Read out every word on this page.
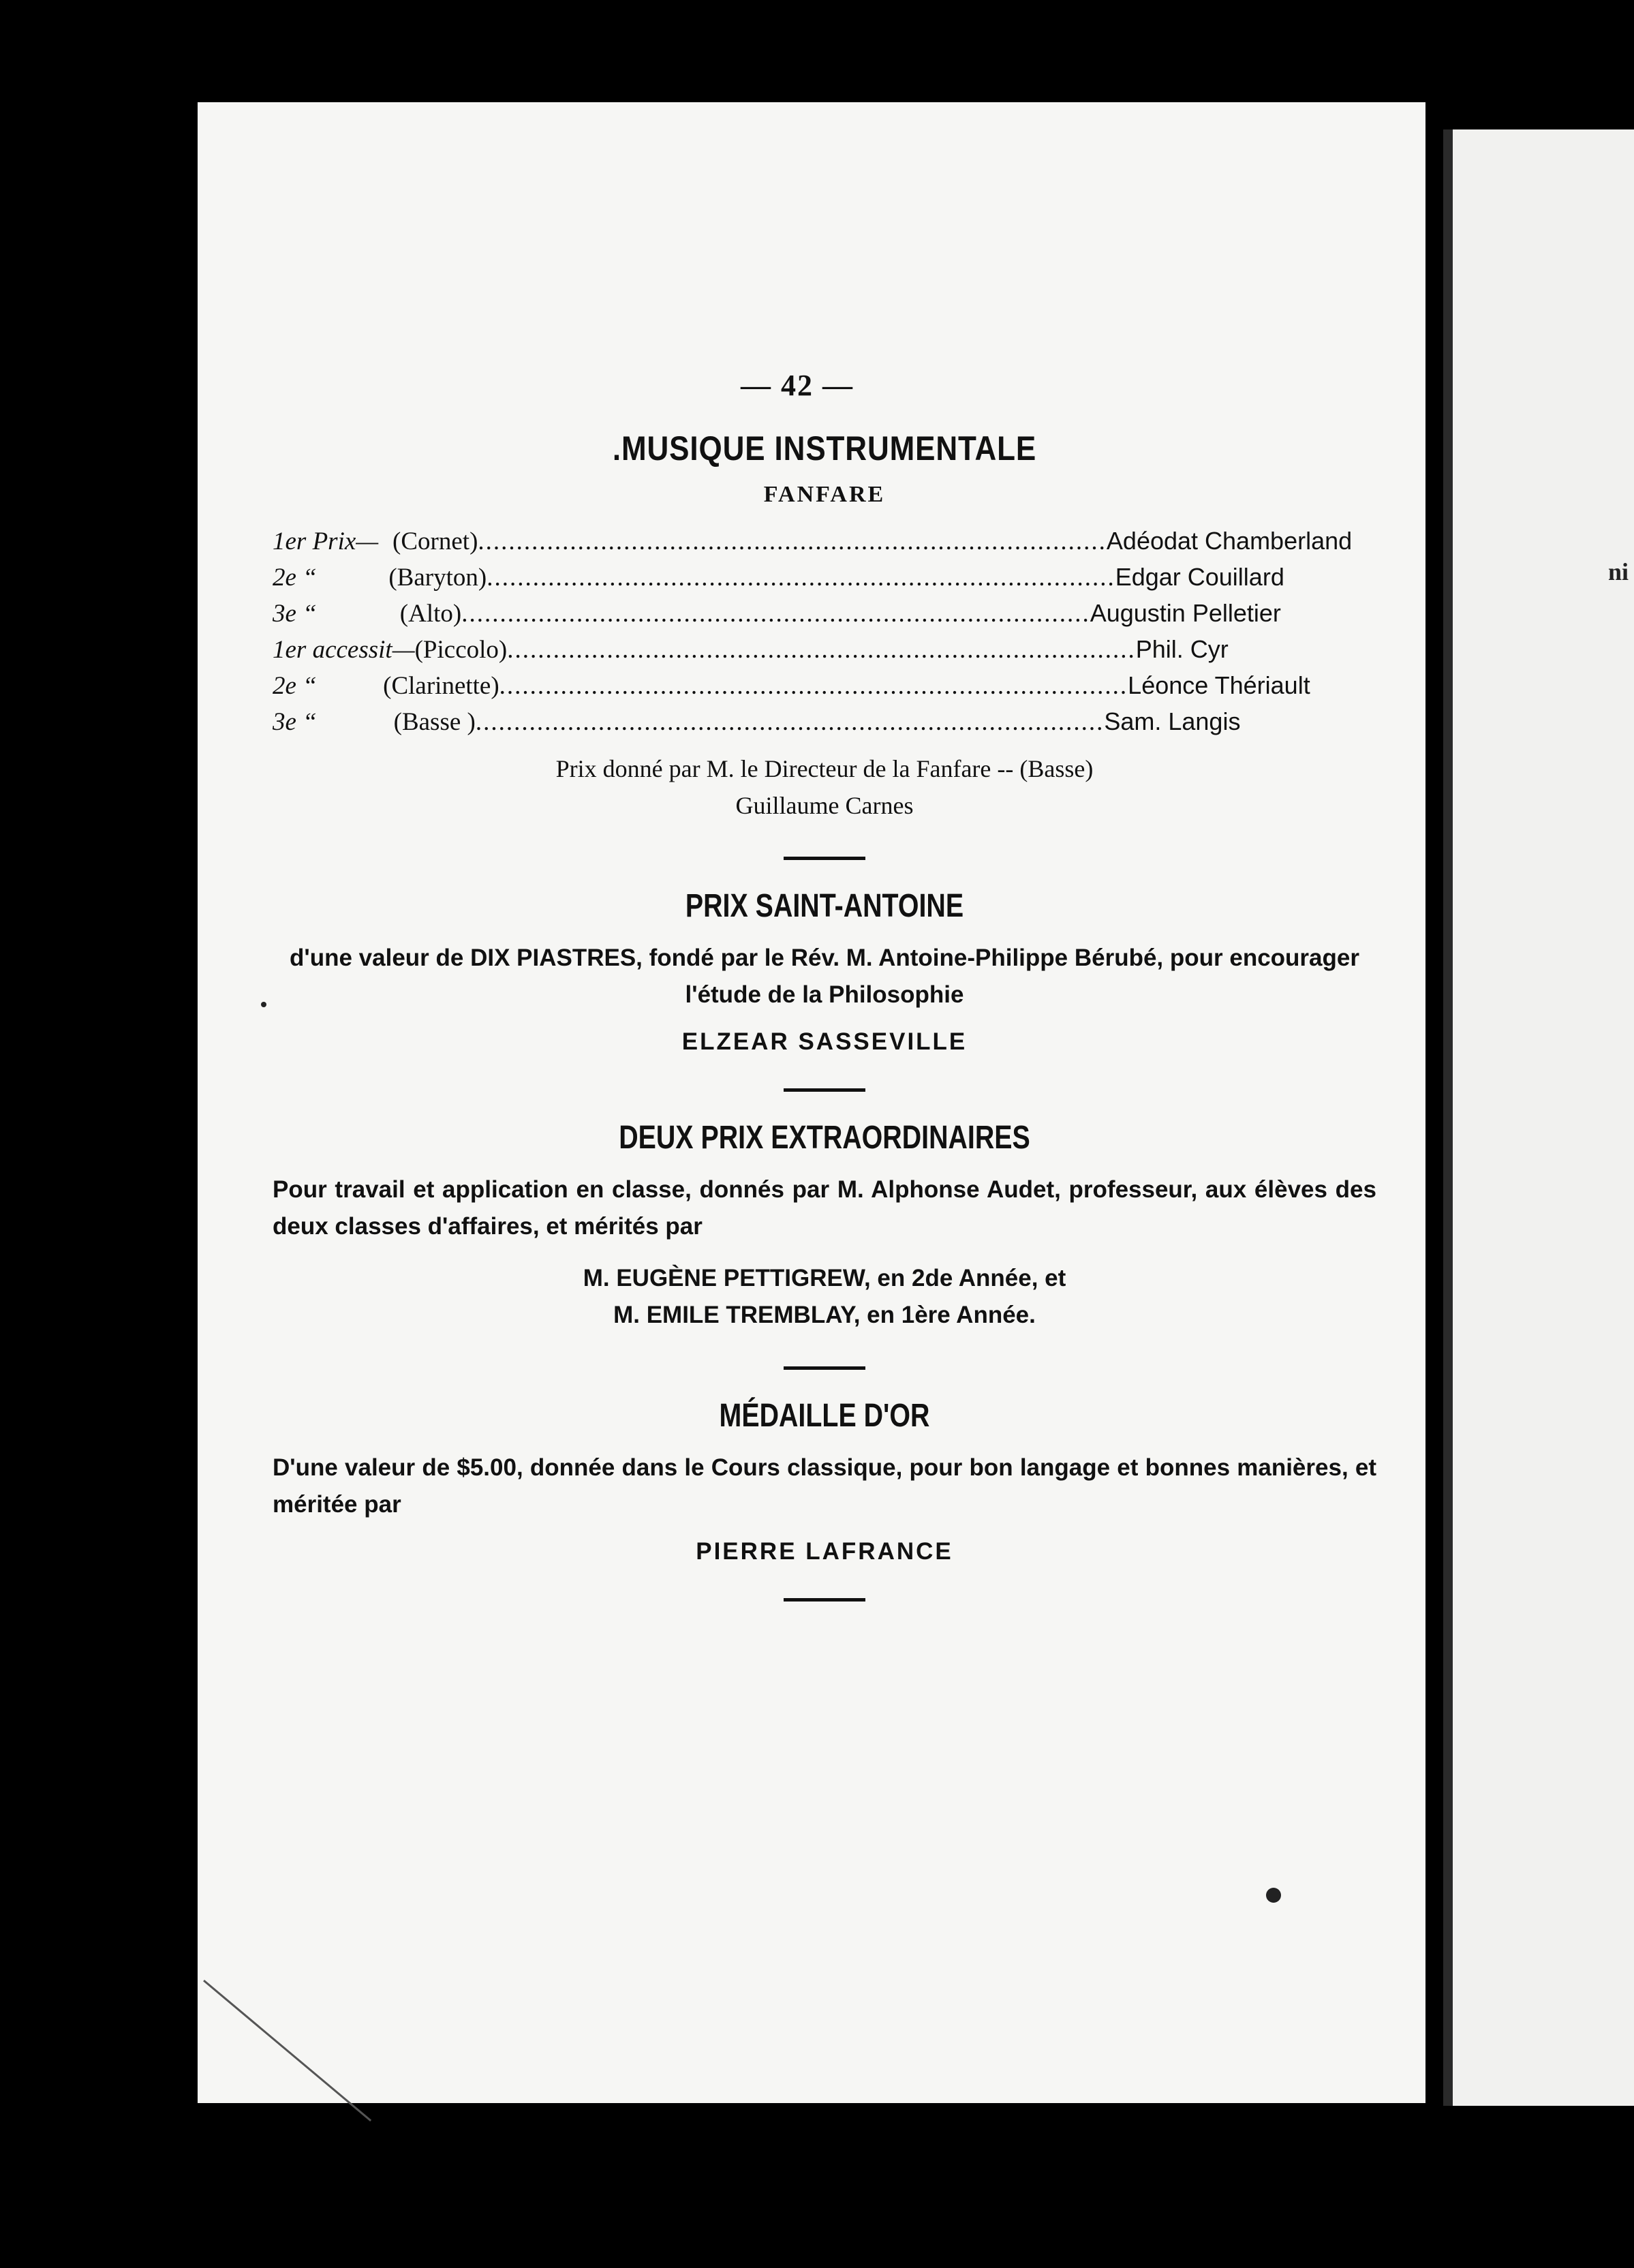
ni
— 42 —
.MUSIQUE INSTRUMENTALE
FANFARE
1er Prix— (Cornet) .................................................................................. Adéodat Chamberland
2e “	(Baryton) .................................................................................. Edgar Couillard
3e “	(Alto) .................................................................................. Augustin Pelletier
1er accessit—(Piccolo) .................................................................................. Phil. Cyr
2e “	(Clarinette) .................................................................................. Léonce Thériault
3e “	(Basse ) .................................................................................. Sam. Langis
Prix donné par M. le Directeur de la Fanfare -- (Basse)
Guillaume Carnes
PRIX SAINT-ANTOINE
d'une valeur de DIX PIASTRES, fondé par le Rév. M. Antoine-Philippe Bérubé, pour encourager l'étude de la Philosophie
ELZEAR SASSEVILLE
DEUX PRIX EXTRAORDINAIRES
Pour travail et application en classe, donnés par M. Alphonse Audet, professeur, aux élèves des deux classes d'affaires, et mérités par
M. EUGÈNE PETTIGREW, en 2de Année, et
M. EMILE TREMBLAY, en 1ère Année.
MÉDAILLE D'OR
D'une valeur de $5.00, donnée dans le Cours classique, pour bon langage et bonnes manières, et méritée par
PIERRE LAFRANCE
